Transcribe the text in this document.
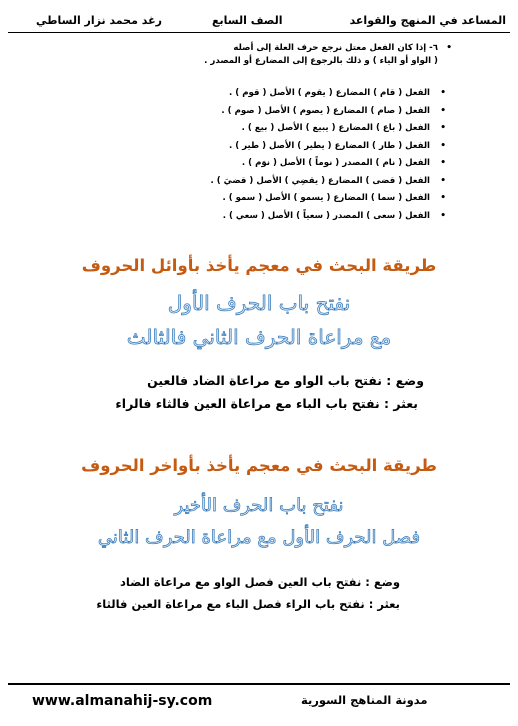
المساعد في المنهج والقواعد
الصف السابع
رغد محمد نزار الساطي
•
٦- إذا كان الفعل معتل نرجع حرف العلة إلى أصله
( الواو أو الياء ) و ذلك بالرجوع إلى المضارع أو المصدر .
• الفعل ( قام ) المضارع ( يقوم ) الأصل ( قوم ) .
• الفعل ( صام ) المضارع ( يصوم ) الأصل ( صوم ) .
• الفعل ( باع ) المضارع ( يبيع ) الأصل ( بيع ) .
• الفعل ( طار ) المضارع ( يطير ) الأصل ( طير ) .
• الفعل ( نام ) المصدر ( نوماً ) الأصل ( نوَم ) .
• الفعل ( قضى ) المضارع ( يقضِي ) الأصل ( قضيَ ) .
• الفعل ( سما ) المضارع ( يسمو ) الأصل ( سمو ) .
• الفعل ( سعى ) المصدر ( سعياً ) الأصل ( سعي ) .
طريقة البحث في معجم يأخذ بأوائل الحروف
نفتح باب الحرف الأول
مع مراعاة الحرف الثاني فالثالث
وضع : نفتح باب الواو مع مراعاة الضاد فالعين
بعثر : نفتح باب الباء مع مراعاة العين فالثاء فالراء
طريقة البحث في معجم يأخذ بأواخر الحروف
نفتح باب الحرف الأخير
فصل الحرف الأول مع مراعاة الحرف الثاني
وضع : نفتح باب العين فصل الواو مع مراعاة الضاد
بعثر : نفتح باب الراء فصل الباء مع مراعاة العين فالثاء
www.almanahij-sy.com	مدونة المناهج السورية
